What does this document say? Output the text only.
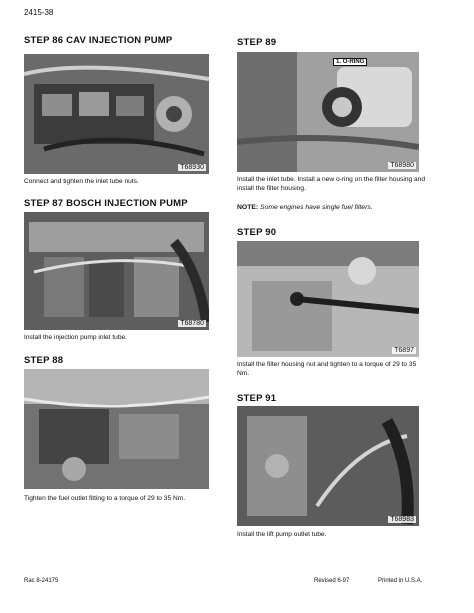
2415-38
STEP 86 CAV INJECTION PUMP
T68930
Connect and tighten the inlet tube nuts.
STEP 87 BOSCH INJECTION PUMP
T68780
Install the injection pump inlet tube.
STEP 88
Tighten the fuel outlet fitting to a torque of 29 to 35 Nm.
STEP 89
1. O-RING
T68980
Install the inlet tube. Install a new o-ring on the filter housing and install the filter housing.
NOTE: Some engines have single fuel filters.
STEP 90
T6897
Install the filter housing nut and tighten to a torque of 29 to 35 Nm.
STEP 91
T68983
Install the lift pump outlet tube.
Rac 8-24175	Revised 6-97	Printed in U.S.A.
